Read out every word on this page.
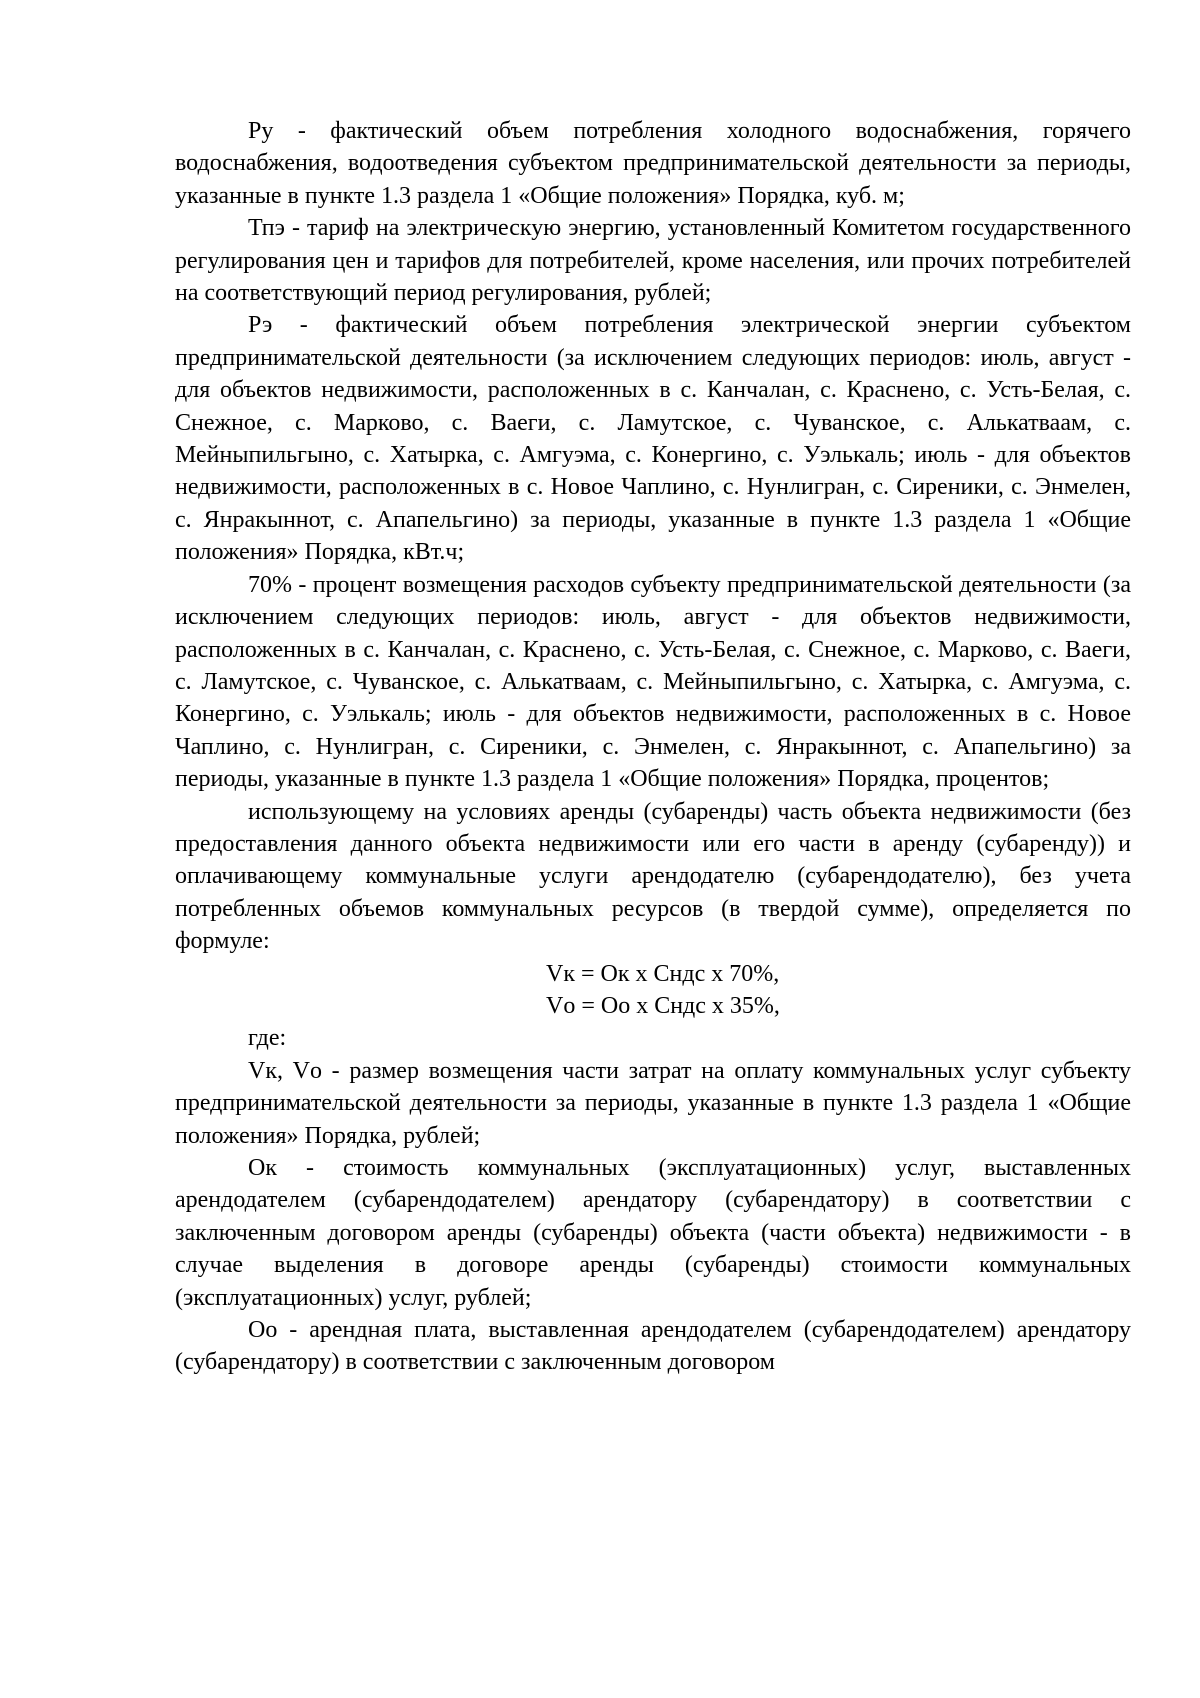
Ру - фактический объем потребления холодного водоснабжения, горячего водоснабжения, водоотведения субъектом предпринимательской деятельности за периоды, указанные в пункте 1.3 раздела 1 «Общие положения» Порядка, куб. м;

Тпэ - тариф на электрическую энергию, установленный Комитетом государственного регулирования цен и тарифов для потребителей, кроме населения, или прочих потребителей на соответствующий период регулирования, рублей;

Рэ - фактический объем потребления электрической энергии субъектом предпринимательской деятельности (за исключением следующих периодов: июль, август - для объектов недвижимости, расположенных в с. Канчалан, с. Краснено, с. Усть-Белая, с. Снежное, с. Марково, с. Ваеги, с. Ламутское, с. Чуванское, с. Алькатваам, с. Мейныпильгыно, с. Хатырка, с. Амгуэма, с. Конергино, с. Уэлькаль; июль - для объектов недвижимости, расположенных в с. Новое Чаплино, с. Нунлигран, с. Сиреники, с. Энмелен, с. Янракыннот, с. Апапельгино) за периоды, указанные в пункте 1.3 раздела 1 «Общие положения» Порядка, кВт.ч;

70% - процент возмещения расходов субъекту предпринимательской деятельности (за исключением следующих периодов: июль, август - для объектов недвижимости, расположенных в с. Канчалан, с. Краснено, с. Усть-Белая, с. Снежное, с. Марково, с. Ваеги, с. Ламутское, с. Чуванское, с. Алькатваам, с. Мейныпильгыно, с. Хатырка, с. Амгуэма, с. Конергино, с. Уэлькаль; июль - для объектов недвижимости, расположенных в с. Новое Чаплино, с. Нунлигран, с. Сиреники, с. Энмелен, с. Янракыннот, с. Апапельгино) за периоды, указанные в пункте 1.3 раздела 1 «Общие положения» Порядка, процентов;

использующему на условиях аренды (субаренды) часть объекта недвижимости (без предоставления данного объекта недвижимости или его части в аренду (субаренду)) и оплачивающему коммунальные услуги арендодателю (субарендодателю), без учета потребленных объемов коммунальных ресурсов (в твердой сумме), определяется по формуле:

Vк = Ок x Cндс x 70%,

Vо = Оо x Cндс x 35%,

где:

Vк, Vо - размер возмещения части затрат на оплату коммунальных услуг субъекту предпринимательской деятельности за периоды, указанные в пункте 1.3 раздела 1 «Общие положения» Порядка, рублей;

Ок - стоимость коммунальных (эксплуатационных) услуг, выставленных арендодателем (субарендодателем) арендатору (субарендатору) в соответствии с заключенным договором аренды (субаренды) объекта (части объекта) недвижимости - в случае выделения в договоре аренды (субаренды) стоимости коммунальных (эксплуатационных) услуг, рублей;

Оо - арендная плата, выставленная арендодателем (субарендодателем) арендатору (субарендатору) в соответствии с заключенным договором
